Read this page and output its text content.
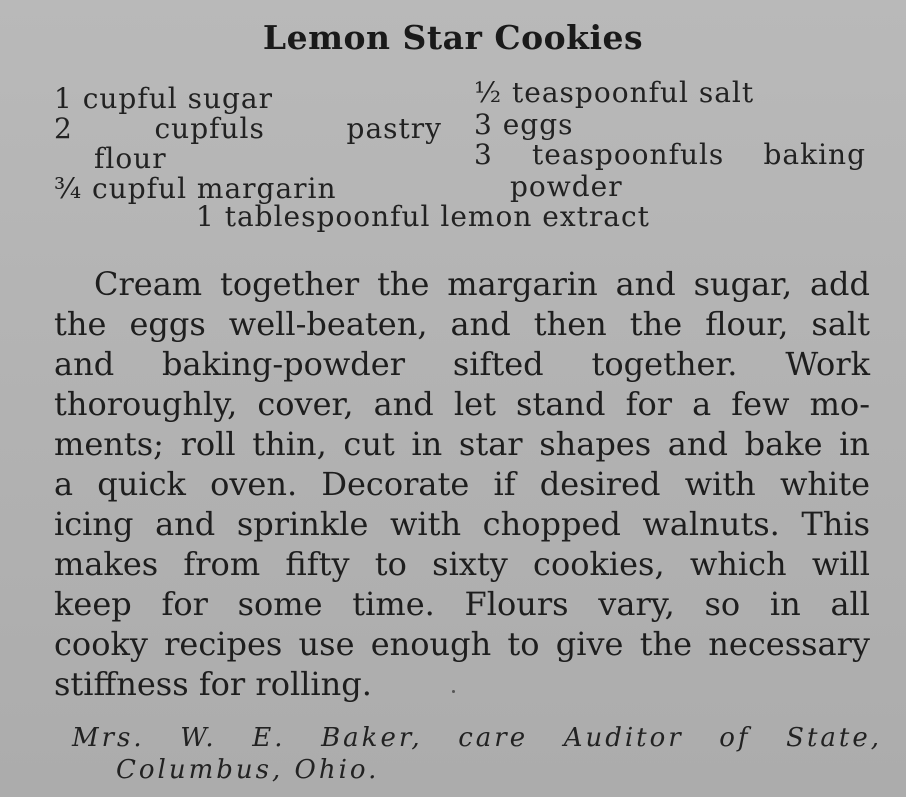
Lemon Star Cookies
1 cupful sugar
2 cupfuls pastry
flour
¾ cupful margarin
½ teaspoonful salt
3 eggs
3 teaspoonfuls baking
powder
1 tablespoonful lemon extract
Cream together the margarin and sugar, add
the eggs well-beaten, and then the flour, salt
and baking-powder sifted together. Work
thoroughly, cover, and let stand for a few mo-
ments; roll thin, cut in star shapes and bake in
a quick oven. Decorate if desired with white
icing and sprinkle with chopped walnuts. This
makes from fifty to sixty cookies, which will
keep for some time. Flours vary, so in all
cooky recipes use enough to give the necessary
stiffness for rolling.
Mrs. W. E. Baker, care Auditor of State,
Columbus, Ohio.
